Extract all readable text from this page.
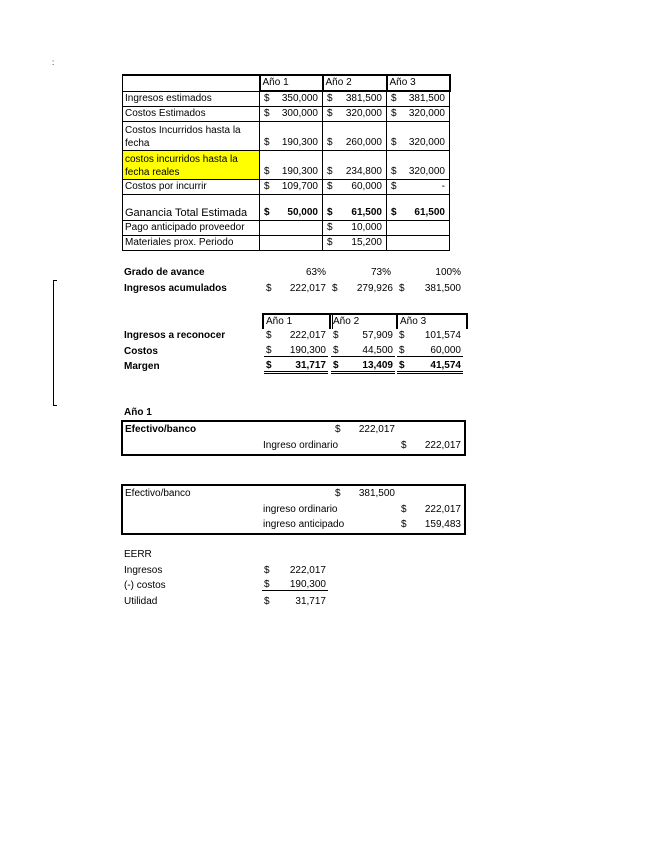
:
	Año 1	Año 2	Año 3
Ingresos estimados	$ 350,000	$ 381,500	$ 381,500

Costos Estimados	$ 300,000	$ 320,000	$ 320,000

Costos Incurridos hasta la fecha	$ 190,300	$ 260,000	$ 320,000

costos incurridos hasta la fecha reales	$ 190,300	$ 234,800	$ 320,000

Costos por incurrir	$ 109,700	$ 60,000	$ -

Ganancia Total Estimada	$ 50,000	$ 61,500	$ 61,500

Pago anticipado proveedor		$ 10,000	

Materiales prox. Periodo		$ 15,200	

Grado de avance	63%	73%	100%
Ingresos acumulados	$ 222,017 $ 279,926 $ 381,500
Año 1	Año 2	Año 3
Ingresos a reconocer	$ 222,017 $ 57,909 $ 101,574
Costos	$ 190,300 $ 44,500 $	60,000
Margen	$ 31,717 $ 13,409 $	41,574
Año 1
Efectivo/banco	$ 222,017
Ingreso ordinario	$ 222,017
Efectivo/banco	$ 381,500
ingreso ordinario	$ 222,017
ingreso anticipado	$ 159,483
EERR
Ingresos	$ 222,017
(-) costos	$ 190,300
Utilidad	$	31,717
